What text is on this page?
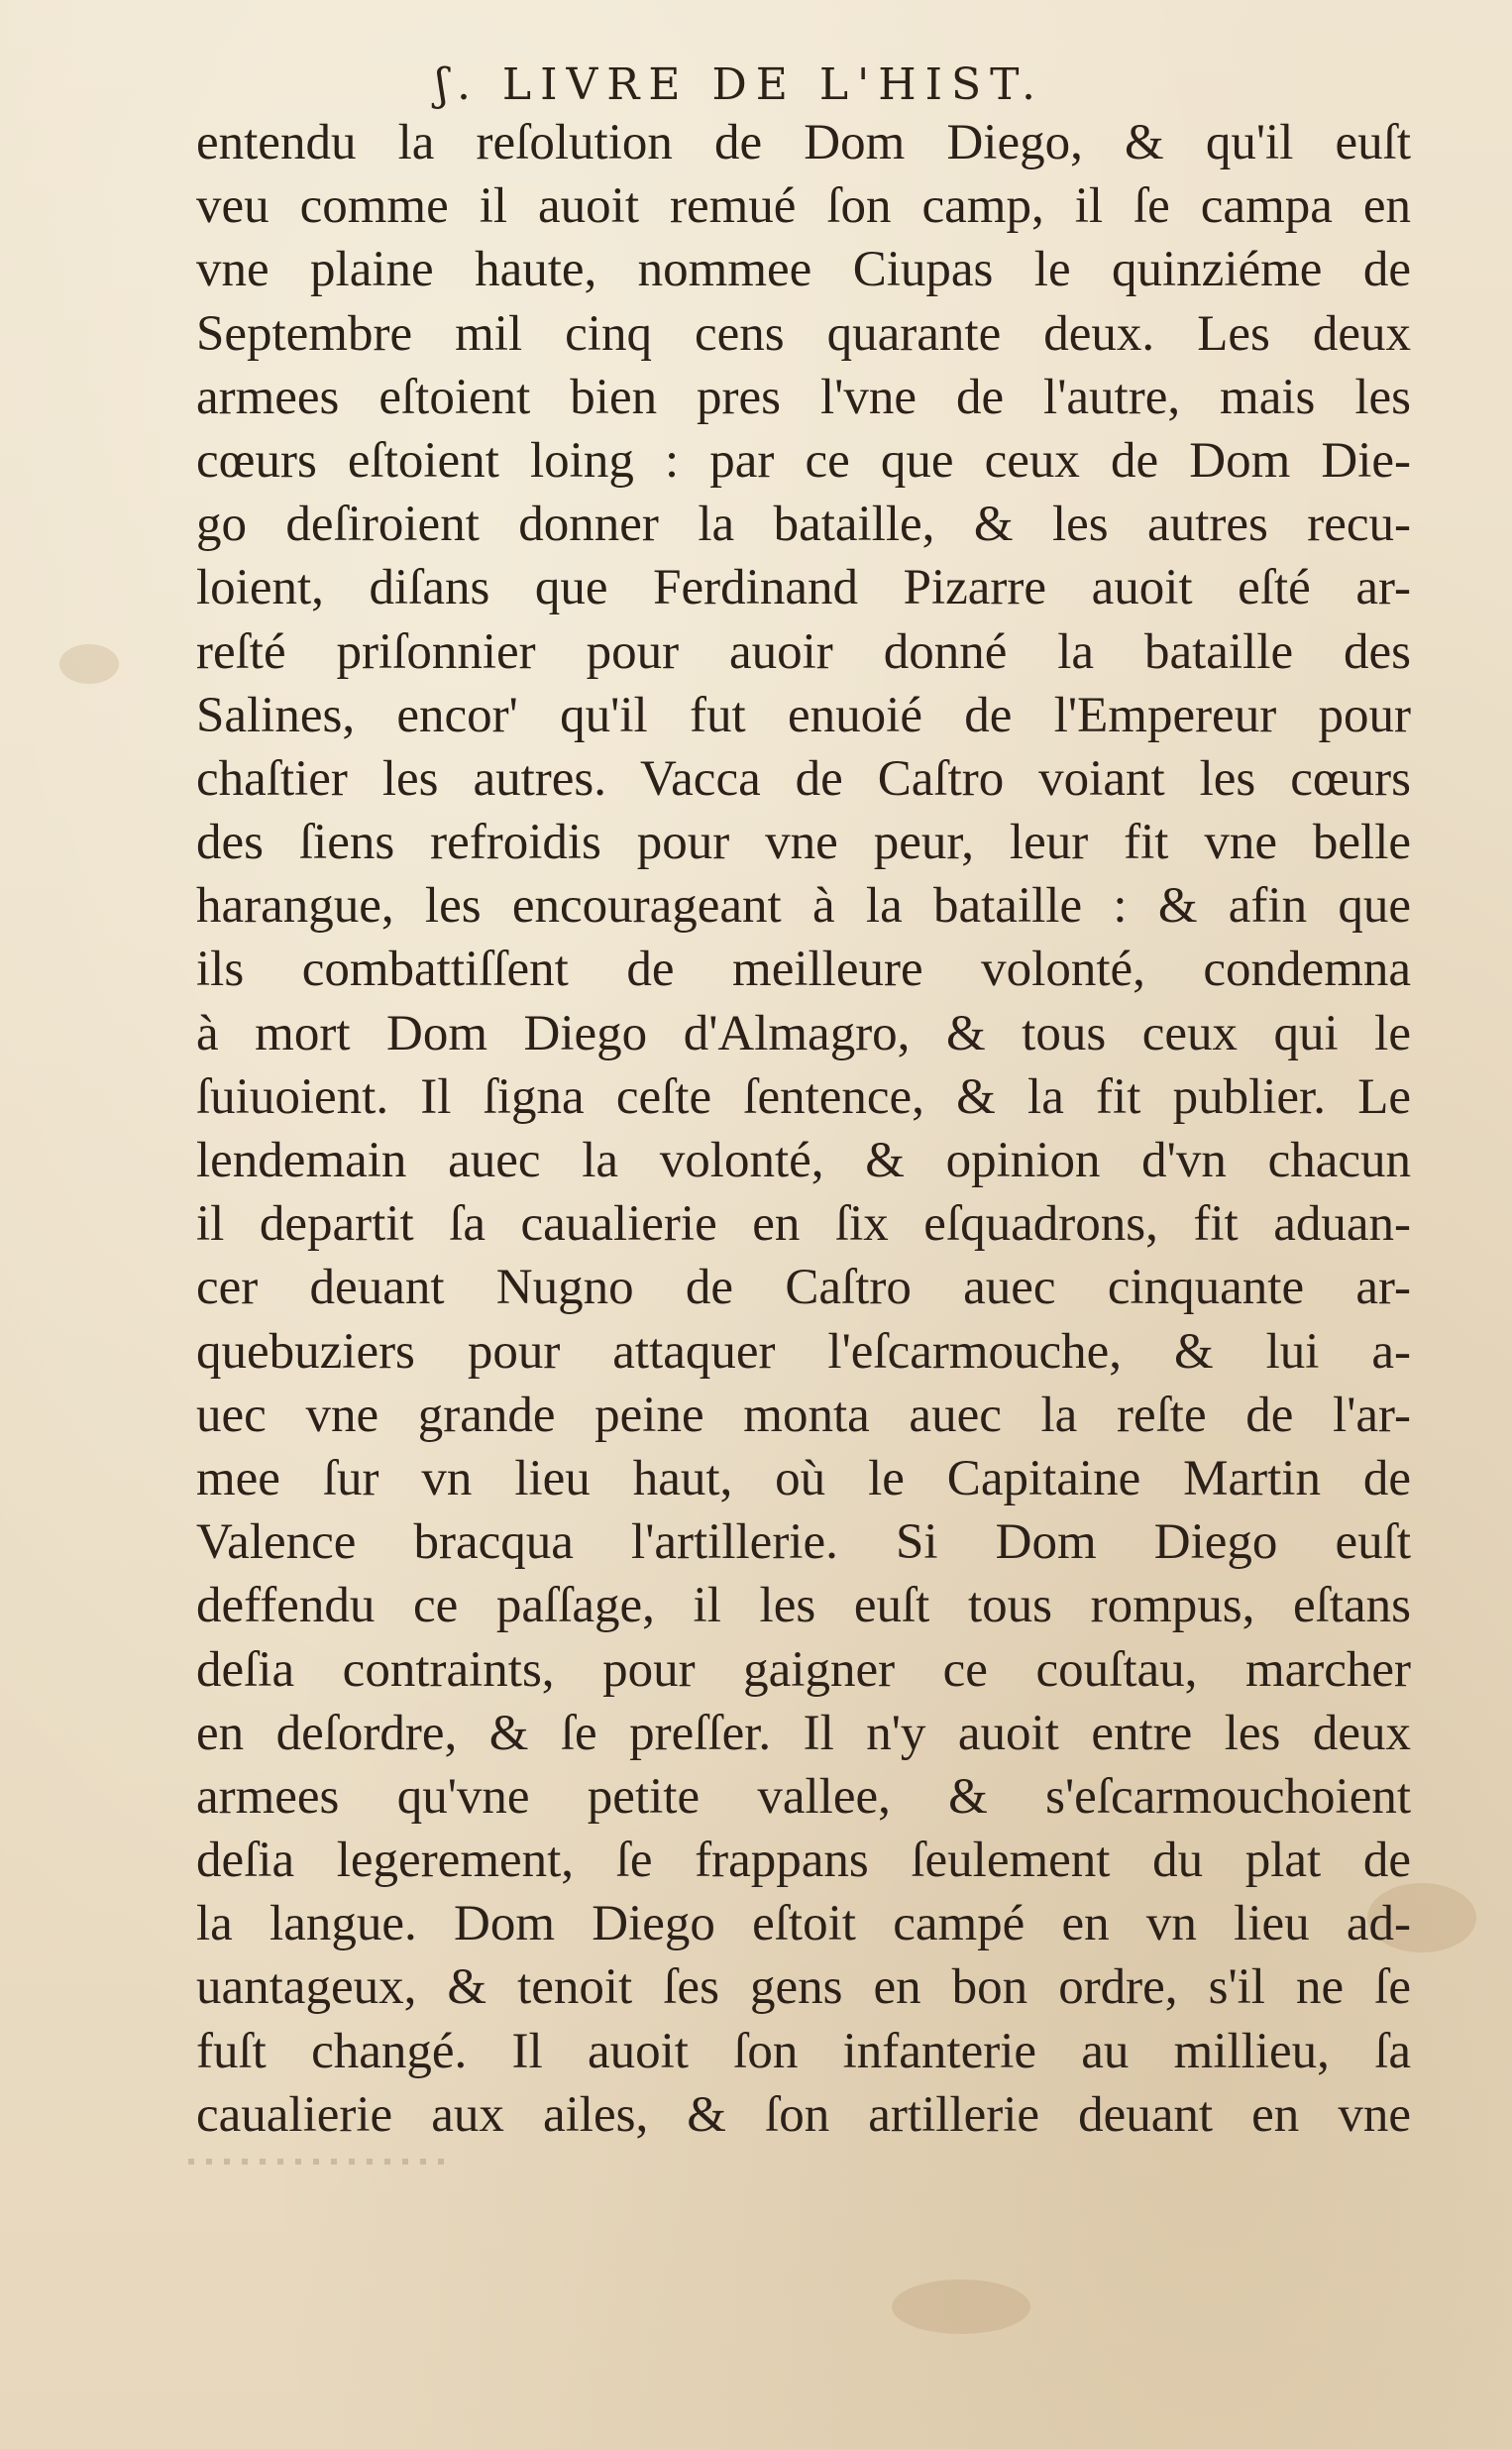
ʃ. LIVRE DE L'HIST.
entendu la reſolution de Dom Diego, & qu'il euſt
veu comme il auoit remué ſon camp, il ſe campa en
vne plaine haute, nommee Ciupas le quinziéme de
Septembre mil cinq cens quarante deux. Les deux
armees eſtoient bien pres l'vne de l'autre, mais les
cœurs eſtoient loing : par ce que ceux de Dom Die-
go deſiroient donner la bataille, & les autres recu-
loient, diſans que Ferdinand Pizarre auoit eſté ar-
reſté priſonnier pour auoir donné la bataille des
Salines, encor' qu'il fut enuoié de l'Empereur pour
chaſtier les autres. Vacca de Caſtro voiant les cœurs
des ſiens refroidis pour vne peur, leur fit vne belle
harangue, les encourageant à la bataille : & afin que
ils combattiſſent de meilleure volonté, condemna
à mort Dom Diego d'Almagro, & tous ceux qui le
ſuiuoient. Il ſigna ceſte ſentence, & la fit publier. Le
lendemain auec la volonté, & opinion d'vn chacun
il departit ſa caualierie en ſix eſquadrons, fit aduan-
cer deuant Nugno de Caſtro auec cinquante ar-
quebuziers pour attaquer l'eſcarmouche, & lui a-
uec vne grande peine monta auec la reſte de l'ar-
mee ſur vn lieu haut, où le Capitaine Martin de
Valence bracqua l'artillerie. Si Dom Diego euſt
deffendu ce paſſage, il les euſt tous rompus, eſtans
deſia contraints, pour gaigner ce couſtau, marcher
en deſordre, & ſe preſſer. Il n'y auoit entre les deux
armees qu'vne petite vallee, & s'eſcarmouchoient
deſia legerement, ſe frappans ſeulement du plat de
la langue. Dom Diego eſtoit campé en vn lieu ad-
uantageux, & tenoit ſes gens en bon ordre, s'il ne ſe
fuſt changé. Il auoit ſon infanterie au millieu, ſa
caualierie aux ailes, & ſon artillerie deuant en vne
